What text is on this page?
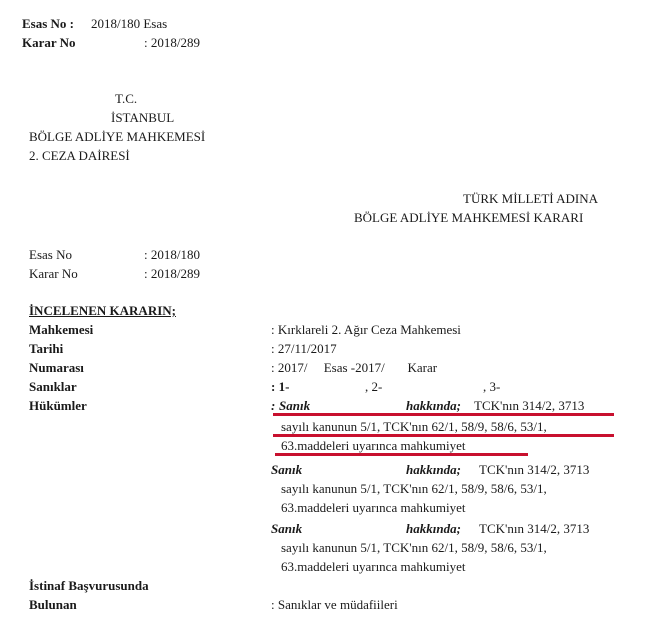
Esas No : 2018/180 Esas
Karar No	: 2018/289
T.C.
İSTANBUL
BÖLGE ADLİYE MAHKEMESİ
2. CEZA DAİRESİ
TÜRK MİLLETİ ADINA
BÖLGE ADLİYE MAHKEMESİ KARARI
Esas No	: 2018/180
Karar No	: 2018/289
İNCELENEN KARARIN;
Mahkemesi	: Kırklareli 2. Ağır Ceza Mahkemesi
Tarihi	: 27/11/2017
Numarası	: 2017/     Esas -2017/       Karar
Sanıklar	: 1-	, 2-	, 3-
Hükümler	: Sanık	hakkında; TCK'nın 314/2, 3713
sayılı kanunun 5/1, TCK'nın 62/1, 58/9, 58/6, 53/1,
63.maddeleri uyarınca mahkumiyet
Sanık	hakkında; TCK'nın 314/2, 3713
sayılı kanunun 5/1, TCK'nın 62/1, 58/9, 58/6, 53/1,
63.maddeleri uyarınca mahkumiyet
Sanık	hakkında; TCK'nın 314/2, 3713
sayılı kanunun 5/1, TCK'nın 62/1, 58/9, 58/6, 53/1,
63.maddeleri uyarınca mahkumiyet
İstinaf Başvurusunda
Bulunan	: Sanıklar ve müdafiileri
